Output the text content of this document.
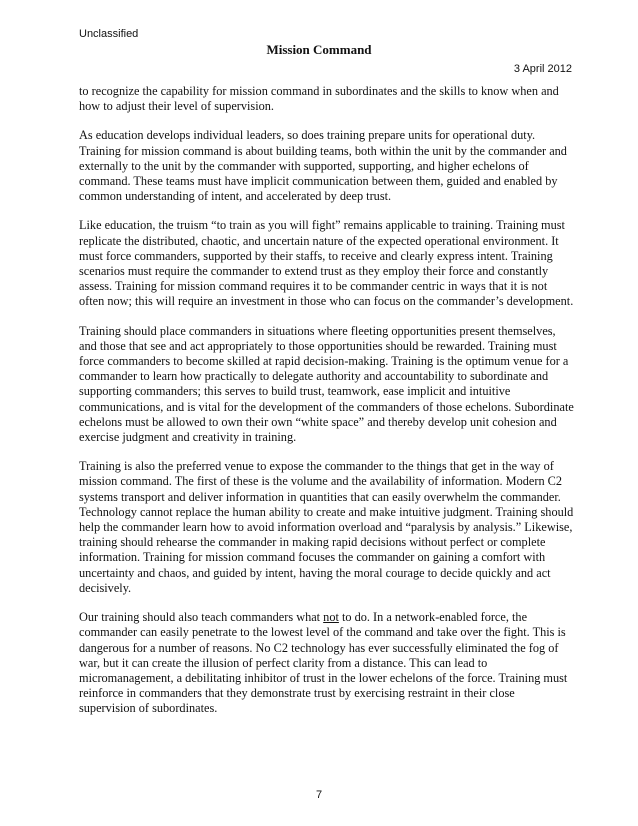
Unclassified
Mission Command
3 April 2012

to recognize the capability for mission command in subordinates and the skills to know when and how to adjust their level of supervision.

As education develops individual leaders, so does training prepare units for operational duty. Training for mission command is about building teams, both within the unit by the commander and externally to the unit by the commander with supported, supporting, and higher echelons of command. These teams must have implicit communication between them, guided and enabled by common understanding of intent, and accelerated by deep trust.

Like education, the truism “to train as you will fight” remains applicable to training. Training must replicate the distributed, chaotic, and uncertain nature of the expected operational environment. It must force commanders, supported by their staffs, to receive and clearly express intent. Training scenarios must require the commander to extend trust as they employ their force and constantly assess. Training for mission command requires it to be commander centric in ways that it is not often now; this will require an investment in those who can focus on the commander’s development.

Training should place commanders in situations where fleeting opportunities present themselves, and those that see and act appropriately to those opportunities should be rewarded. Training must force commanders to become skilled at rapid decision-making. Training is the optimum venue for a commander to learn how practically to delegate authority and accountability to subordinate and supporting commanders; this serves to build trust, teamwork, ease implicit and intuitive communications, and is vital for the development of the commanders of those echelons. Subordinate echelons must be allowed to own their own “white space” and thereby develop unit cohesion and exercise judgment and creativity in training.

Training is also the preferred venue to expose the commander to the things that get in the way of mission command. The first of these is the volume and the availability of information. Modern C2 systems transport and deliver information in quantities that can easily overwhelm the commander. Technology cannot replace the human ability to create and make intuitive judgment. Training should help the commander learn how to avoid information overload and “paralysis by analysis.” Likewise, training should rehearse the commander in making rapid decisions without perfect or complete information. Training for mission command focuses the commander on gaining a comfort with uncertainty and chaos, and guided by intent, having the moral courage to decide quickly and act decisively.

Our training should also teach commanders what not to do. In a network-enabled force, the commander can easily penetrate to the lowest level of the command and take over the fight. This is dangerous for a number of reasons. No C2 technology has ever successfully eliminated the fog of war, but it can create the illusion of perfect clarity from a distance. This can lead to micromanagement, a debilitating inhibitor of trust in the lower echelons of the force. Training must reinforce in commanders that they demonstrate trust by exercising restraint in their close supervision of subordinates.

7
